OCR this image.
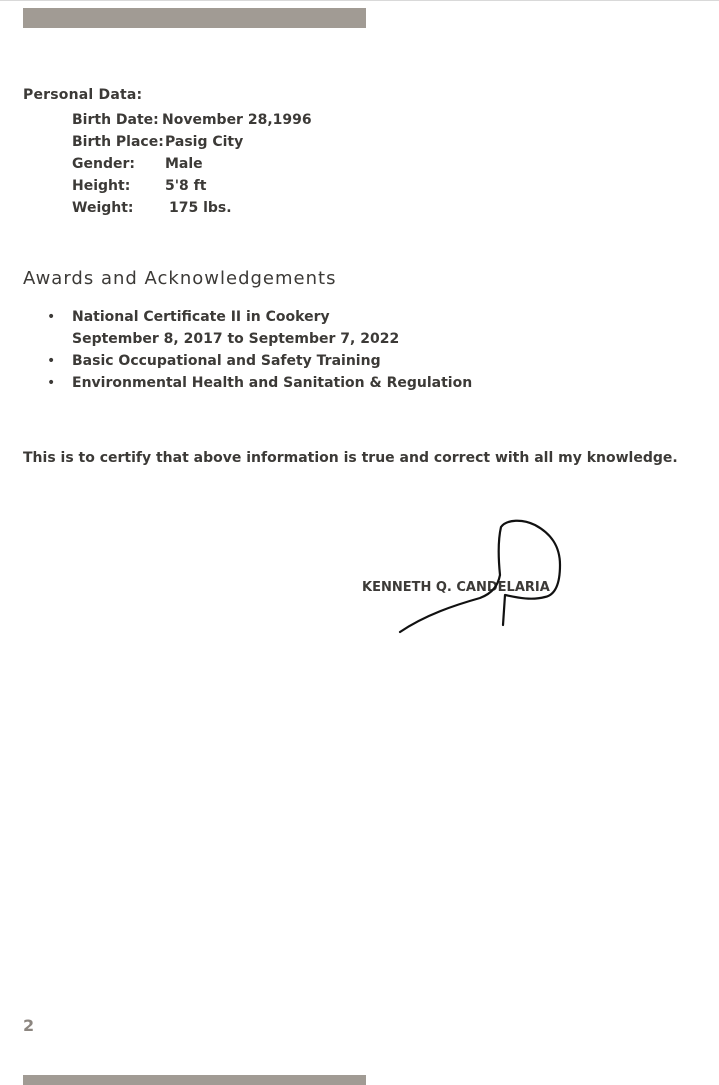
Personal Data:
Birth Date: November 28,1996
Birth Place: Pasig City
Gender: Male
Height: 5'8 ft
Weight:	175 lbs.
Awards and Acknowledgements
• National Certificate II in Cookery
September 8, 2017 to September 7, 2022
• Basic Occupational and Safety Training
• Environmental Health and Sanitation & Regulation
This is to certify that above information is true and correct with all my knowledge.
KENNETH Q. CANDELARIA
2
